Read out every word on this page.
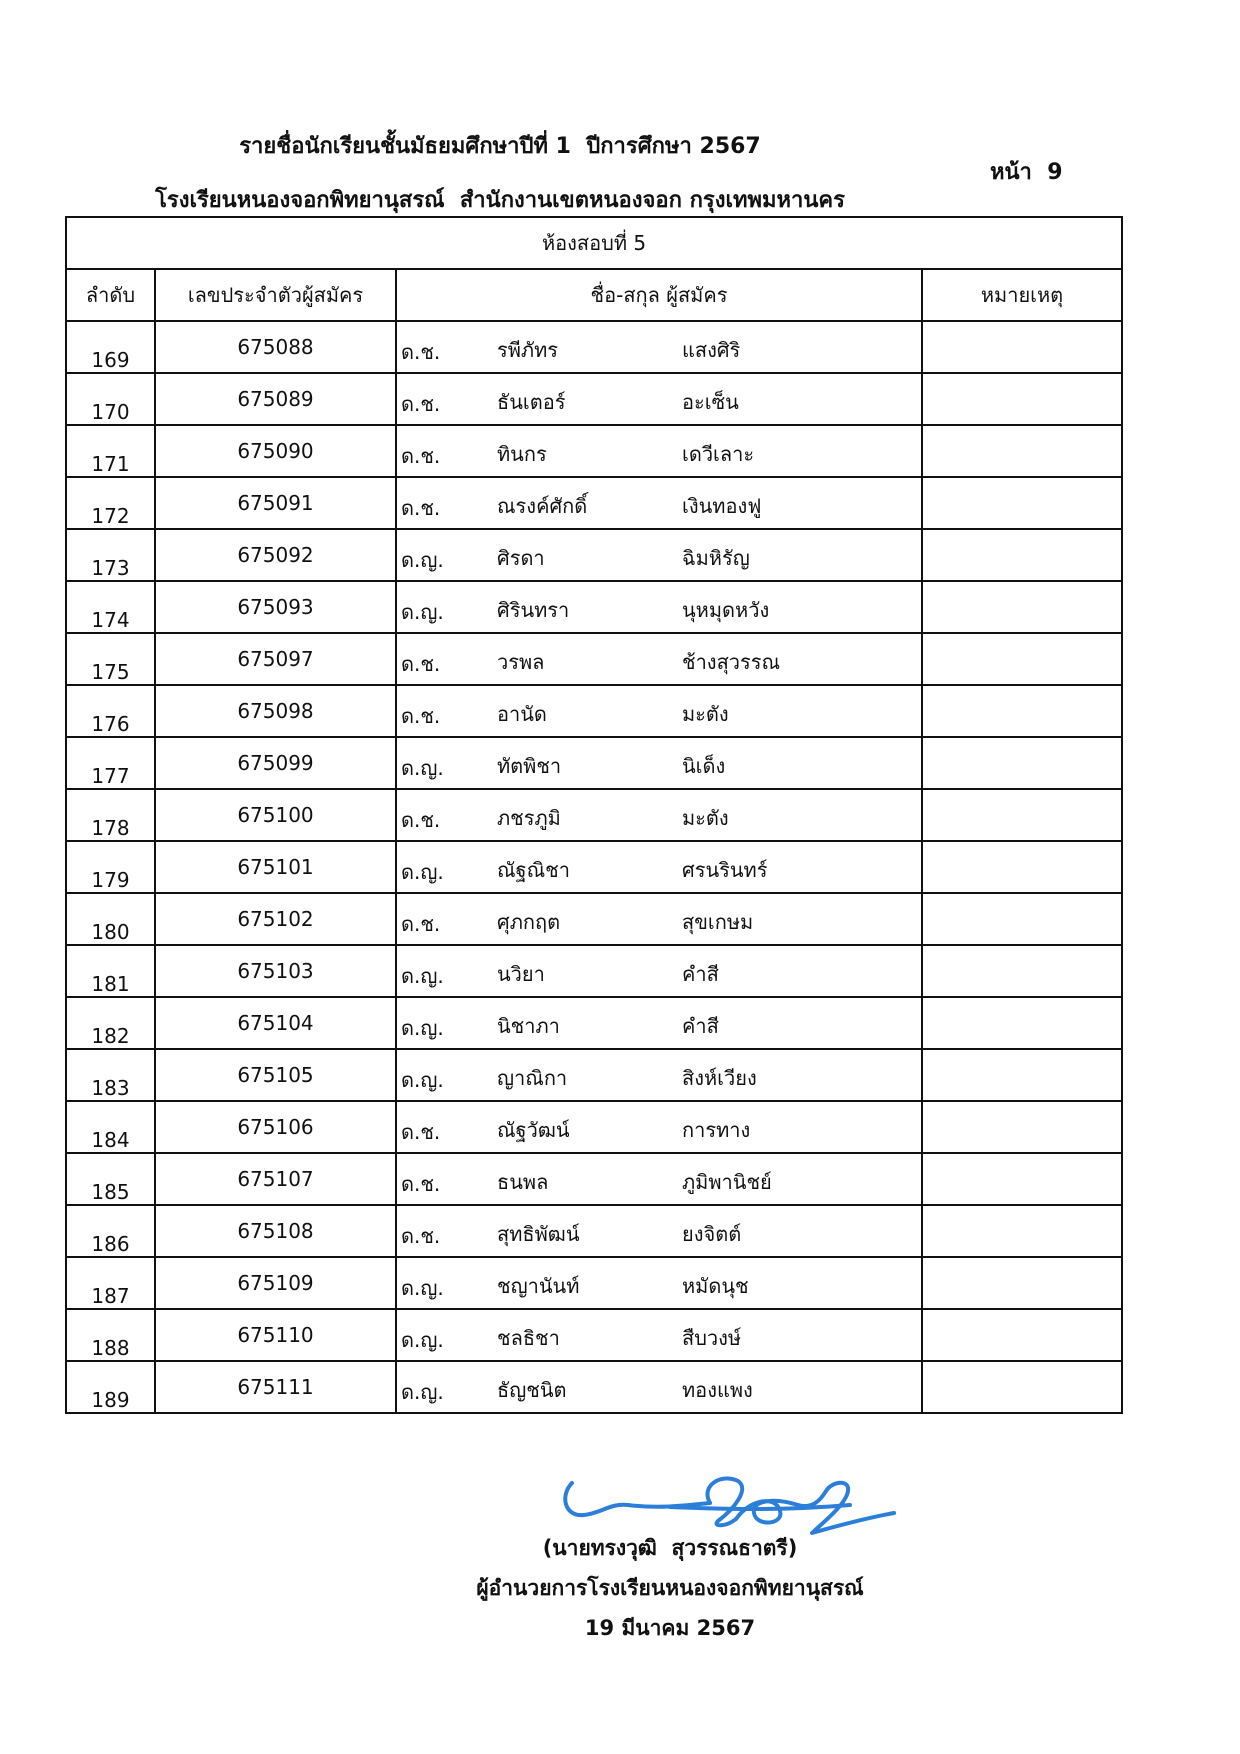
รายชื่อนักเรียนชั้นมัธยมศึกษาปีที่ 1  ปีการศึกษา 2567
หน้า  9
โรงเรียนหนองจอกพิทยานุสรณ์  สำนักงานเขตหนองจอก กรุงเทพมหานคร
ห้องสอบที่ 5			
ลำดับ	เลขประจำตัวผู้สมัคร	ชื่อ-สกุล ผู้สมัคร	หมายเหตุ
169	675088	ด.ช. รพีภัทร แสงศิริ	

170	675089	ด.ช. ธันเตอร์ อะเซ็น	

171	675090	ด.ช. ทินกร เดวีเลาะ	

172	675091	ด.ช. ณรงค์ศักดิ์ เงินทองฟู	

173	675092	ด.ญ. ศิรดา ฉิมหิรัญ	

174	675093	ด.ญ. ศิรินทรา นุหมุดหวัง	

175	675097	ด.ช. วรพล ช้างสุวรรณ	

176	675098	ด.ช. อานัด มะตัง	

177	675099	ด.ญ. ทัตพิชา นิเด็ง	

178	675100	ด.ช. ภชรภูมิ มะตัง	

179	675101	ด.ญ. ณัฐณิชา ศรนรินทร์	

180	675102	ด.ช. ศุภกฤต สุขเกษม	

181	675103	ด.ญ. นวิยา คำสี	

182	675104	ด.ญ. นิชาภา คำสี	

183	675105	ด.ญ. ญาณิกา สิงห์เวียง	

184	675106	ด.ช. ณัฐวัฒน์ การทาง	

185	675107	ด.ช. ธนพล ภูมิพานิชย์	

186	675108	ด.ช. สุทธิพัฒน์ ยงจิตต์	

187	675109	ด.ญ. ชญานันท์ หมัดนุช	

188	675110	ด.ญ. ชลธิชา สืบวงษ์	

189	675111	ด.ญ. ธัญชนิต ทองแพง	

(นายทรงวุฒิ  สุวรรณธาตรี)
ผู้อำนวยการโรงเรียนหนองจอกพิทยานุสรณ์
19 มีนาคม 2567
